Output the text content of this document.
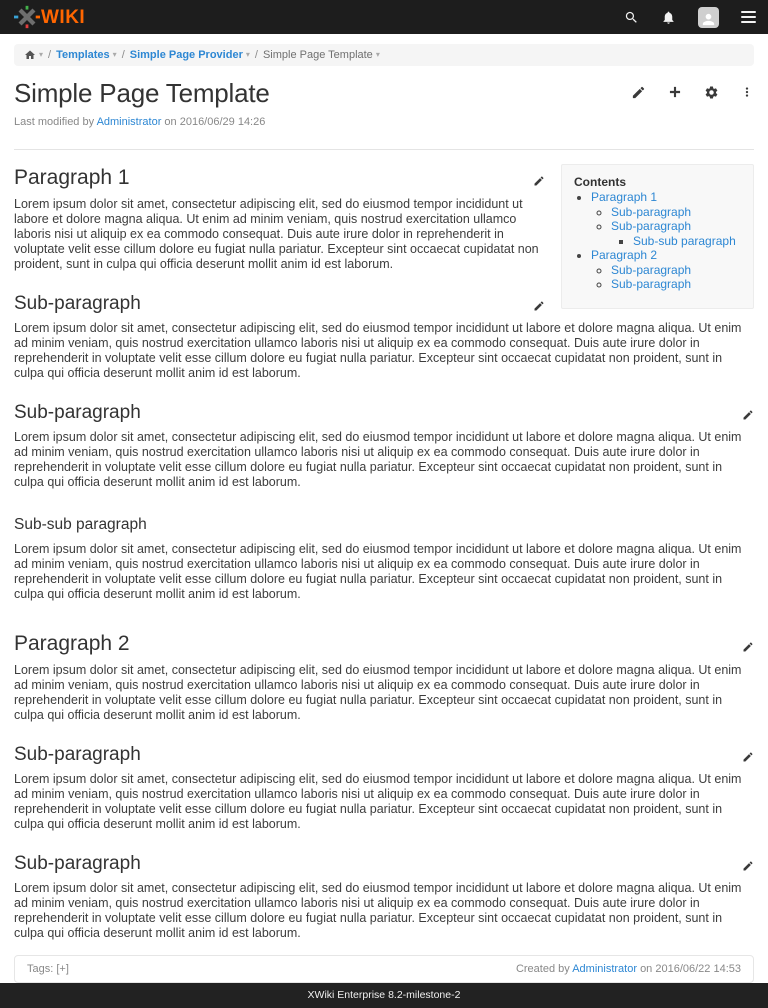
WIKI
▾ / Templates ▾ / Simple Page Provider ▾ / Simple Page Template ▾
Simple Page Template
Last modified by Administrator on 2016/06/29 14:26
Contents
• Paragraph 1
◦ Sub-paragraph
◦ Sub-paragraph
▪ Sub-sub paragraph
• Paragraph 2
◦ Sub-paragraph
◦ Sub-paragraph
Paragraph 1

Lorem ipsum dolor sit amet, consectetur adipiscing elit, sed do eiusmod tempor incididunt ut labore et dolore magna aliqua. Ut enim ad minim veniam, quis nostrud exercitation ullamco laboris nisi ut aliquip ex ea commodo consequat. Duis aute irure dolor in reprehenderit in voluptate velit esse cillum dolore eu fugiat nulla pariatur. Excepteur sint occaecat cupidatat non proident, sunt in culpa qui officia deserunt mollit anim id est laborum.

Sub-paragraph

Lorem ipsum dolor sit amet, consectetur adipiscing elit, sed do eiusmod tempor incididunt ut labore et dolore magna aliqua. Ut enim ad minim veniam, quis nostrud exercitation ullamco laboris nisi ut aliquip ex ea commodo consequat. Duis aute irure dolor in reprehenderit in voluptate velit esse cillum dolore eu fugiat nulla pariatur. Excepteur sint occaecat cupidatat non proident, sunt in culpa qui officia deserunt mollit anim id est laborum.

Sub-paragraph

Lorem ipsum dolor sit amet, consectetur adipiscing elit, sed do eiusmod tempor incididunt ut labore et dolore magna aliqua. Ut enim ad minim veniam, quis nostrud exercitation ullamco laboris nisi ut aliquip ex ea commodo consequat. Duis aute irure dolor in reprehenderit in voluptate velit esse cillum dolore eu fugiat nulla pariatur. Excepteur sint occaecat cupidatat non proident, sunt in culpa qui officia deserunt mollit anim id est laborum.

Sub-sub paragraph

Lorem ipsum dolor sit amet, consectetur adipiscing elit, sed do eiusmod tempor incididunt ut labore et dolore magna aliqua. Ut enim ad minim veniam, quis nostrud exercitation ullamco laboris nisi ut aliquip ex ea commodo consequat. Duis aute irure dolor in reprehenderit in voluptate velit esse cillum dolore eu fugiat nulla pariatur. Excepteur sint occaecat cupidatat non proident, sunt in culpa qui officia deserunt mollit anim id est laborum.

Paragraph 2

Lorem ipsum dolor sit amet, consectetur adipiscing elit, sed do eiusmod tempor incididunt ut labore et dolore magna aliqua. Ut enim ad minim veniam, quis nostrud exercitation ullamco laboris nisi ut aliquip ex ea commodo consequat. Duis aute irure dolor in reprehenderit in voluptate velit esse cillum dolore eu fugiat nulla pariatur. Excepteur sint occaecat cupidatat non proident, sunt in culpa qui officia deserunt mollit anim id est laborum.

Sub-paragraph

Lorem ipsum dolor sit amet, consectetur adipiscing elit, sed do eiusmod tempor incididunt ut labore et dolore magna aliqua. Ut enim ad minim veniam, quis nostrud exercitation ullamco laboris nisi ut aliquip ex ea commodo consequat. Duis aute irure dolor in reprehenderit in voluptate velit esse cillum dolore eu fugiat nulla pariatur. Excepteur sint occaecat cupidatat non proident, sunt in culpa qui officia deserunt mollit anim id est laborum.

Sub-paragraph

Lorem ipsum dolor sit amet, consectetur adipiscing elit, sed do eiusmod tempor incididunt ut labore et dolore magna aliqua. Ut enim ad minim veniam, quis nostrud exercitation ullamco laboris nisi ut aliquip ex ea commodo consequat. Duis aute irure dolor in reprehenderit in voluptate velit esse cillum dolore eu fugiat nulla pariatur. Excepteur sint occaecat cupidatat non proident, sunt in culpa qui officia deserunt mollit anim id est laborum.

Tags:
[+]	Created by Administrator on 2016/06/22 14:53
XWiki Enterprise 8.2-milestone-2
